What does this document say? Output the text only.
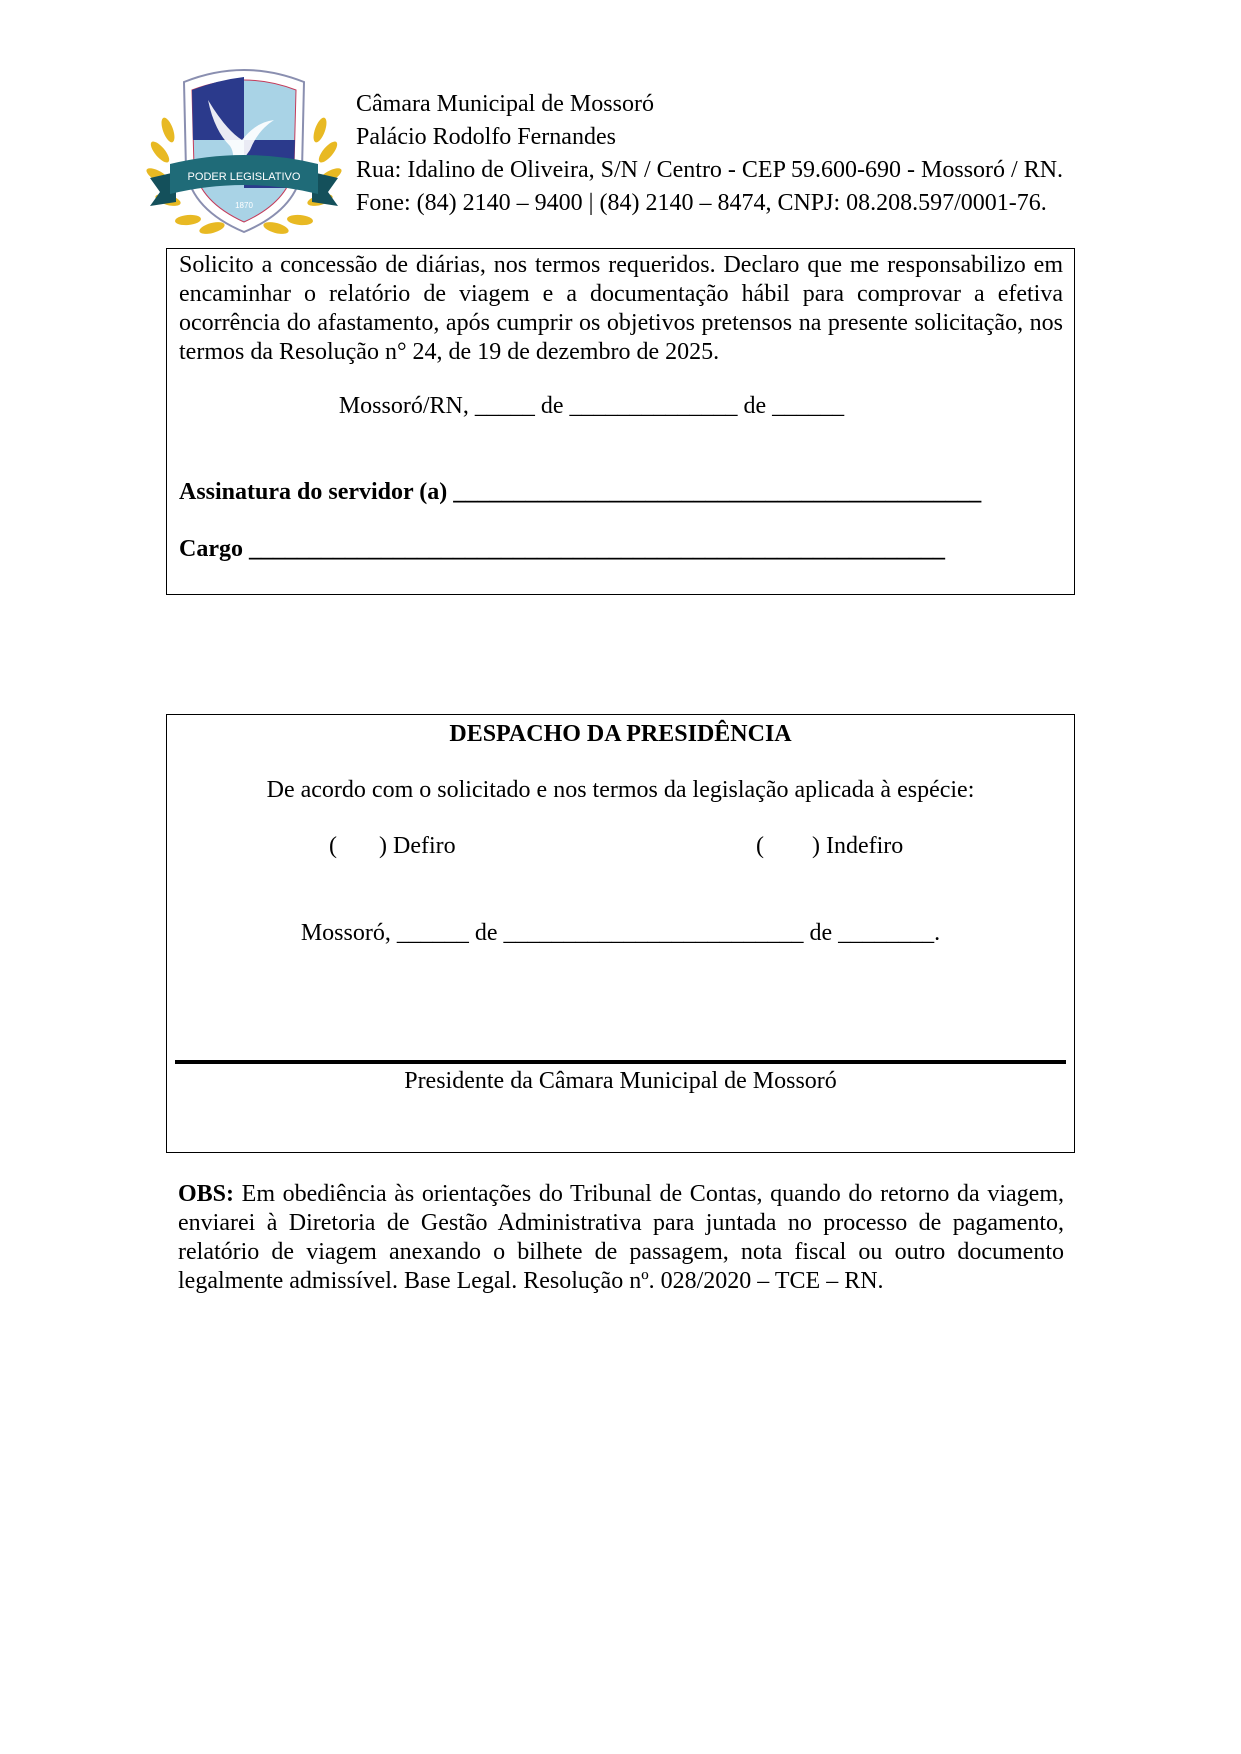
PODER LEGISLATIVO
1870
Câmara Municipal de Mossoró
Palácio Rodolfo Fernandes
Rua: Idalino de Oliveira, S/N / Centro - CEP 59.600-690 - Mossoró / RN.
Fone: (84) 2140 – 9400 | (84) 2140 – 8474, CNPJ: 08.208.597/0001-76.
Solicito a concessão de diárias, nos termos requeridos. Declaro que me responsabilizo em encaminhar o relatório de viagem e a documentação hábil para comprovar a efetiva ocorrência do afastamento, após cumprir os objetivos pretensos na presente solicitação, nos termos da Resolução n° 24, de 19 de dezembro de 2025.
Mossoró/RN, _____ de ______________ de ______
Assinatura do servidor (a) ____________________________________________
Cargo __________________________________________________________
DESPACHO DA PRESIDÊNCIA
De acordo com o solicitado e nos termos da legislação aplicada à espécie:
(       ) Defiro	(        ) Indefiro
Mossoró, ______ de _________________________ de ________.
Presidente da Câmara Municipal de Mossoró
OBS: Em obediência às orientações do Tribunal de Contas, quando do retorno da viagem, enviarei à Diretoria de Gestão Administrativa para juntada no processo de pagamento, relatório de viagem anexando o bilhete de passagem, nota fiscal ou outro documento legalmente admissível. Base Legal. Resolução nº. 028/2020 – TCE – RN.
